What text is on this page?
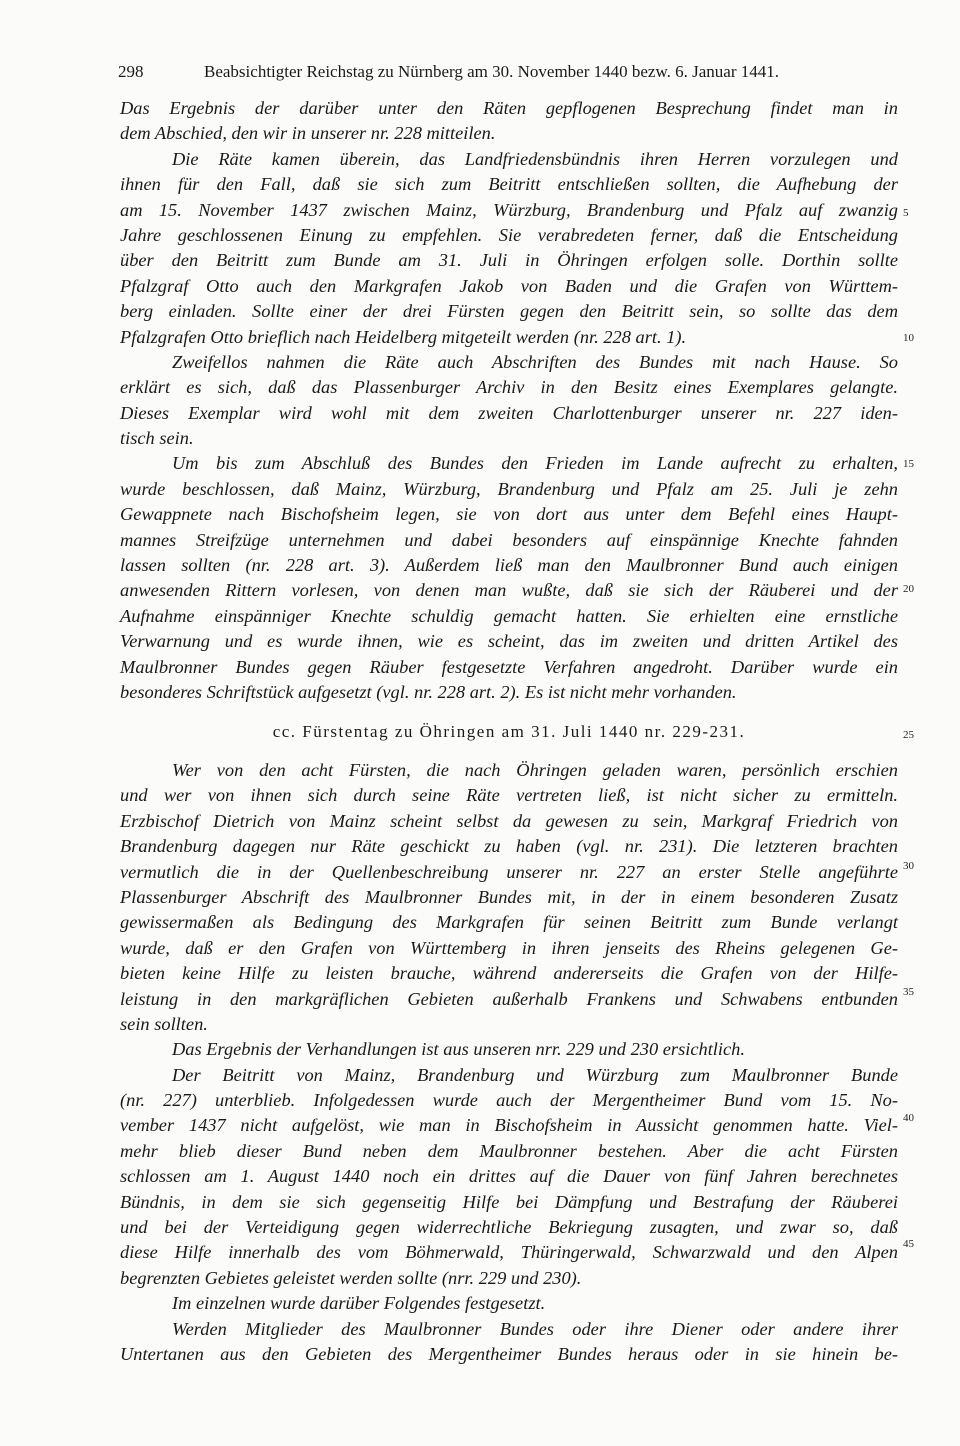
298	Beabsichtigter Reichstag zu Nürnberg am 30. November 1440 bezw. 6. Januar 1441.
Das Ergebnis der darüber unter den Räten gepflogenen Besprechung findet man in
dem Abschied, den wir in unserer nr. 228 mitteilen.
Die Räte kamen überein, das Landfriedensbündnis ihren Herren vorzulegen und
ihnen für den Fall, daß sie sich zum Beitritt entschließen sollten, die Aufhebung der
am 15. November 1437 zwischen Mainz, Würzburg, Brandenburg und Pfalz auf zwanzig
Jahre geschlossenen Einung zu empfehlen. Sie verabredeten ferner, daß die Entscheidung
über den Beitritt zum Bunde am 31. Juli in Öhringen erfolgen solle. Dorthin sollte
Pfalzgraf Otto auch den Markgrafen Jakob von Baden und die Grafen von Württem-
berg einladen. Sollte einer der drei Fürsten gegen den Beitritt sein, so sollte das dem
Pfalzgrafen Otto brieflich nach Heidelberg mitgeteilt werden (nr. 228 art. 1).
Zweifellos nahmen die Räte auch Abschriften des Bundes mit nach Hause. So
erklärt es sich, daß das Plassenburger Archiv in den Besitz eines Exemplares gelangte.
Dieses Exemplar wird wohl mit dem zweiten Charlottenburger unserer nr. 227 iden-
tisch sein.
Um bis zum Abschluß des Bundes den Frieden im Lande aufrecht zu erhalten,
wurde beschlossen, daß Mainz, Würzburg, Brandenburg und Pfalz am 25. Juli je zehn
Gewappnete nach Bischofsheim legen, sie von dort aus unter dem Befehl eines Haupt-
mannes Streifzüge unternehmen und dabei besonders auf einspännige Knechte fahnden
lassen sollten (nr. 228 art. 3). Außerdem ließ man den Maulbronner Bund auch einigen
anwesenden Rittern vorlesen, von denen man wußte, daß sie sich der Räuberei und der
Aufnahme einspänniger Knechte schuldig gemacht hatten. Sie erhielten eine ernstliche
Verwarnung und es wurde ihnen, wie es scheint, das im zweiten und dritten Artikel des
Maulbronner Bundes gegen Räuber festgesetzte Verfahren angedroht. Darüber wurde ein
besonderes Schriftstück aufgesetzt (vgl. nr. 228 art. 2). Es ist nicht mehr vorhanden.
cc. Fürstentag zu Öhringen am 31. Juli 1440 nr. 229-231.
Wer von den acht Fürsten, die nach Öhringen geladen waren, persönlich erschien
und wer von ihnen sich durch seine Räte vertreten ließ, ist nicht sicher zu ermitteln.
Erzbischof Dietrich von Mainz scheint selbst da gewesen zu sein, Markgraf Friedrich von
Brandenburg dagegen nur Räte geschickt zu haben (vgl. nr. 231). Die letzteren brachten
vermutlich die in der Quellenbeschreibung unserer nr. 227 an erster Stelle angeführte
Plassenburger Abschrift des Maulbronner Bundes mit, in der in einem besonderen Zusatz
gewissermaßen als Bedingung des Markgrafen für seinen Beitritt zum Bunde verlangt
wurde, daß er den Grafen von Württemberg in ihren jenseits des Rheins gelegenen Ge-
bieten keine Hilfe zu leisten brauche, während andererseits die Grafen von der Hilfe-
leistung in den markgräflichen Gebieten außerhalb Frankens und Schwabens entbunden
sein sollten.
Das Ergebnis der Verhandlungen ist aus unseren nrr. 229 und 230 ersichtlich.
Der Beitritt von Mainz, Brandenburg und Würzburg zum Maulbronner Bunde
(nr. 227) unterblieb. Infolgedessen wurde auch der Mergentheimer Bund vom 15. No-
vember 1437 nicht aufgelöst, wie man in Bischofsheim in Aussicht genommen hatte. Viel-
mehr blieb dieser Bund neben dem Maulbronner bestehen. Aber die acht Fürsten
schlossen am 1. August 1440 noch ein drittes auf die Dauer von fünf Jahren berechnetes
Bündnis, in dem sie sich gegenseitig Hilfe bei Dämpfung und Bestrafung der Räuberei
und bei der Verteidigung gegen widerrechtliche Bekriegung zusagten, und zwar so, daß
diese Hilfe innerhalb des vom Böhmerwald, Thüringerwald, Schwarzwald und den Alpen
begrenzten Gebietes geleistet werden sollte (nrr. 229 und 230).
Im einzelnen wurde darüber Folgendes festgesetzt.
Werden Mitglieder des Maulbronner Bundes oder ihre Diener oder andere ihrer
Untertanen aus den Gebieten des Mergentheimer Bundes heraus oder in sie hinein be-
5
10
15
20
25
30
35
40
45
